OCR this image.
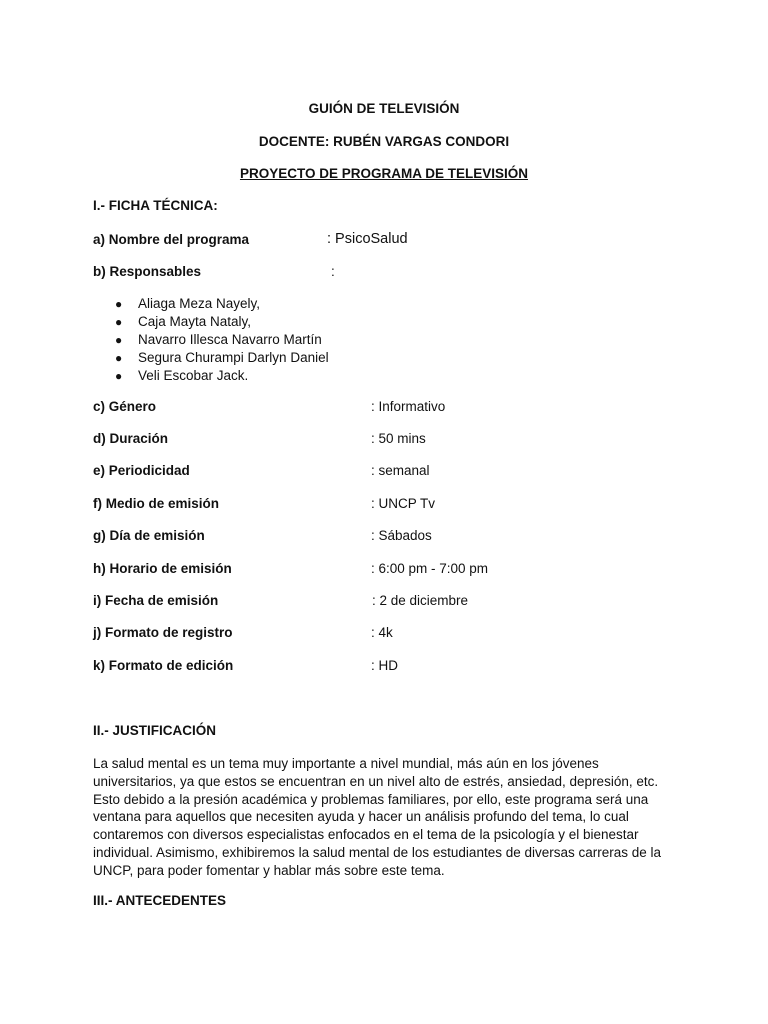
GUIÓN DE TELEVISIÓN
DOCENTE: RUBÉN VARGAS CONDORI
PROYECTO DE PROGRAMA DE TELEVISIÓN
I.- FICHA TÉCNICA:
a) Nombre del programa	: PsicoSalud
b) Responsables	:
● Aliaga Meza Nayely,
● Caja Mayta Nataly,
● Navarro Illesca Navarro Martín
● Segura Churampi Darlyn Daniel
● Veli Escobar Jack.
c) Género	: Informativo
d) Duración	: 50 mins
e) Periodicidad	: semanal
f) Medio de emisión	: UNCP Tv
g) Día de emisión	: Sábados
h) Horario de emisión	: 6:00 pm - 7:00 pm
i) Fecha de emisión	: 2 de diciembre
j) Formato de registro	: 4k
k) Formato de edición	: HD
II.- JUSTIFICACIÓN
La salud mental es un tema muy importante a nivel mundial, más aún en los jóvenes universitarios, ya que estos se encuentran en un nivel alto de estrés, ansiedad, depresión, etc. Esto debido a la presión académica y problemas familiares, por ello, este programa será una ventana para aquellos que necesiten ayuda y hacer un análisis profundo del tema, lo cual contaremos con diversos especialistas enfocados en el tema de la psicología y el bienestar individual. Asimismo, exhibiremos la salud mental de los estudiantes de diversas carreras de la UNCP, para poder fomentar y hablar más sobre este tema.
III.- ANTECEDENTES
